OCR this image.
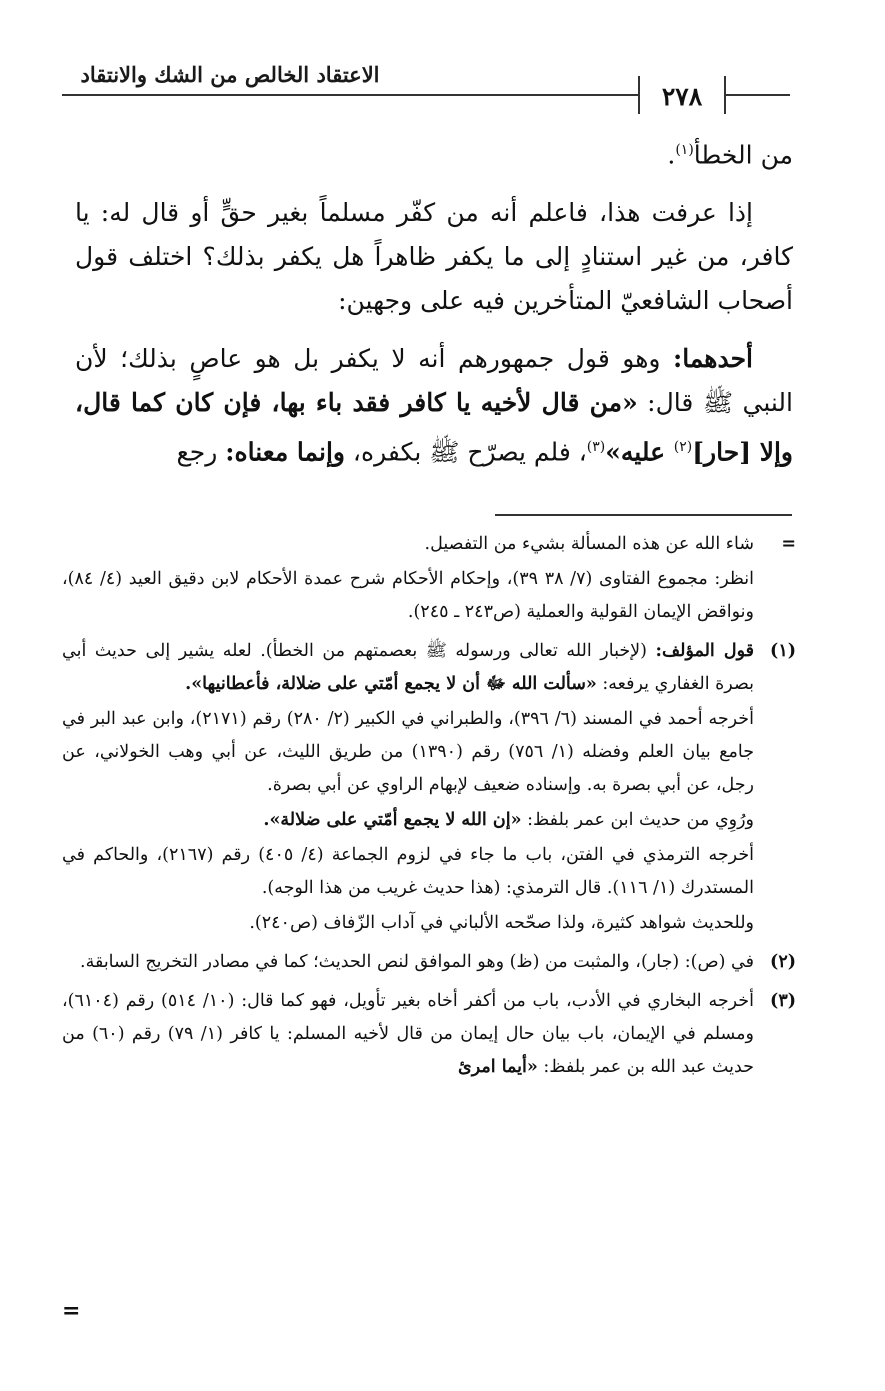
الاعتقاد الخالص من الشك والانتقاد
٢٧٨

من الخطأ$^{(١)}$.

إذا عرفت هذا، فاعلم أنه من كفّر مسلماً بغير حقٍّ أو قال له: يا كافر، من غير استنادٍ إلى ما يكفر ظاهراً هل يكفر بذلك؟ اختلف قول أصحاب الشافعيّ المتأخرين فيه على وجهين:

أحدهما: وهو قول جمهورهم أنه لا يكفر بل هو عاصٍ بذلك؛ لأن النبي ﷺ قال: «من قال لأخيه يا كافر فقد باء بها، فإن كان كما قال، وإلا [حار]$^{(٢)}$ عليه»$^{(٣)}$، فلم يصرّح ﷺ بكفره، وإنما معناه: رجع

=

شاء الله عن هذه المسألة بشيء من التفصيل.

انظر: مجموع الفتاوى (٧/ ٣٨ ٣٩)، وإحكام الأحكام شرح عمدة الأحكام لابن دقيق العيد (٤/ ٨٤)، ونواقض الإيمان القولية والعملية (ص٢٤٣ ـ ٢٤٥).

(١)

قول المؤلف: (لإخبار الله تعالى ورسوله ﷺ بعصمتهم من الخطأ). لعله يشير إلى حديث أبي بصرة الغفاري يرفعه: «سألت الله ﷻ أن لا يجمع أمّتي على ضلالة، فأعطانيها».

أخرجه أحمد في المسند (٦/ ٣٩٦)، والطبراني في الكبير (٢/ ٢٨٠) رقم (٢١٧١)، وابن عبد البر في جامع بيان العلم وفضله (١/ ٧٥٦) رقم (١٣٩٠) من طريق الليث، عن أبي وهب الخولاني، عن رجل، عن أبي بصرة به. وإسناده ضعيف لإبهام الراوي عن أبي بصرة.

ورُوِي من حديث ابن عمر بلفظ: «إن الله لا يجمع أمّتي على ضلالة».

أخرجه الترمذي في الفتن، باب ما جاء في لزوم الجماعة (٤/ ٤٠٥) رقم (٢١٦٧)، والحاكم في المستدرك (١/ ١١٦). قال الترمذي: (هذا حديث غريب من هذا الوجه).

وللحديث شواهد كثيرة، ولذا صحّحه الألباني في آداب الزّفاف (ص٢٤٠).

(٢)

في (ص): (جار)، والمثبت من (ظ) وهو الموافق لنص الحديث؛ كما في مصادر التخريج السابقة.

(٣)

أخرجه البخاري في الأدب، باب من أكفر أخاه بغير تأويل، فهو كما قال: (١٠/ ٥١٤) رقم (٦١٠٤)، ومسلم في الإيمان، باب بيان حال إيمان من قال لأخيه المسلم: يا كافر (١/ ٧٩) رقم (٦٠) من حديث عبد الله بن عمر بلفظ: «أيما امرئ

=
